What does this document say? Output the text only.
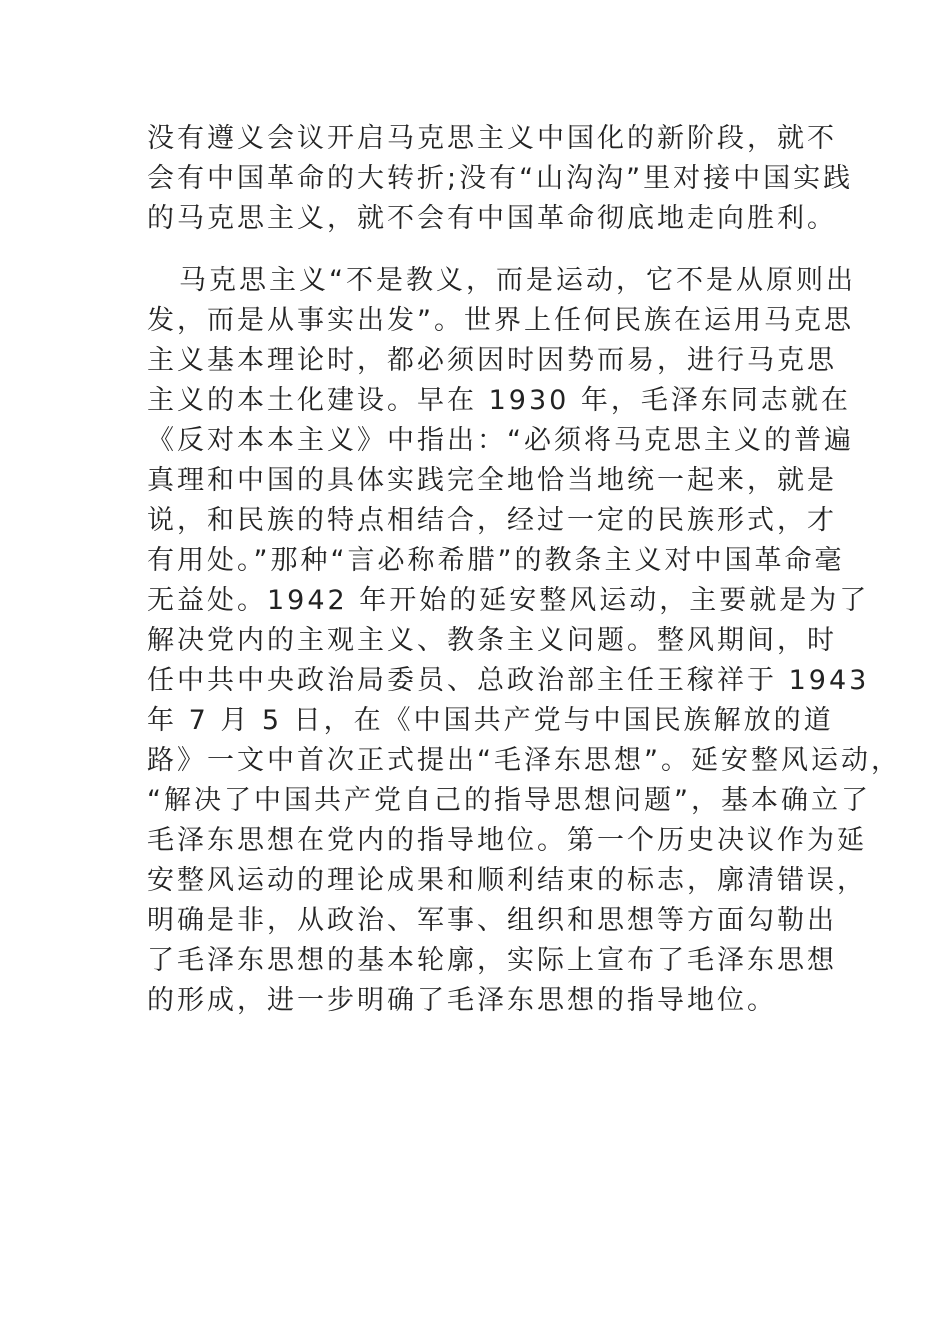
没有遵义会议开启马克思主义中国化的新阶段，就不
会有中国革命的大转折;没有“山沟沟”里对接中国实践
的马克思主义，就不会有中国革命彻底地走向胜利。

马克思主义“不是教义，而是运动，它不是从原则出
发，而是从事实出发”。世界上任何民族在运用马克思
主义基本理论时，都必须因时因势而易，进行马克思
主义的本土化建设。早在 1930 年，毛泽东同志就在
《反对本本主义》中指出：“必须将马克思主义的普遍
真理和中国的具体实践完全地恰当地统一起来，就是
说，和民族的特点相结合，经过一定的民族形式，才
有用处。”那种“言必称希腊”的教条主义对中国革命毫
无益处。1942 年开始的延安整风运动，主要就是为了
解决党内的主观主义、教条主义问题。整风期间，时
任中共中央政治局委员、总政治部主任王稼祥于 1943
年 7 月 5 日，在《中国共产党与中国民族解放的道
路》一文中首次正式提出“毛泽东思想”。延安整风运动，
“解决了中国共产党自己的指导思想问题”，基本确立了
毛泽东思想在党内的指导地位。第一个历史决议作为延
安整风运动的理论成果和顺利结束的标志，廓清错误，
明确是非，从政治、军事、组织和思想等方面勾勒出
了毛泽东思想的基本轮廓，实际上宣布了毛泽东思想
的形成，进一步明确了毛泽东思想的指导地位。
